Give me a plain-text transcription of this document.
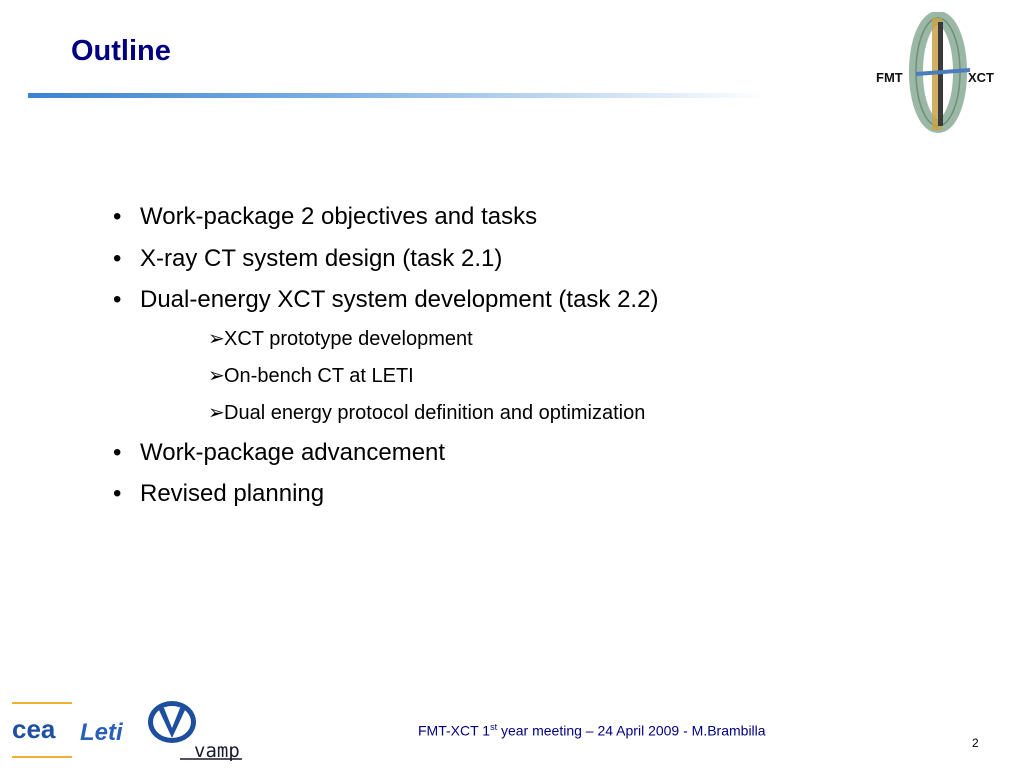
Outline
FMT	XCT
• Work-package 2 objectives and tasks
• X-ray CT system design (task 2.1)
• Dual-energy XCT system development (task 2.2)
➢XCT prototype development
➢On-bench CT at LETI
➢Dual energy protocol definition and optimization
• Work-package advancement
• Revised planning
cea Leti
vamp
FMT-XCT 1st year meeting – 24 April 2009 - M.Brambilla
2
